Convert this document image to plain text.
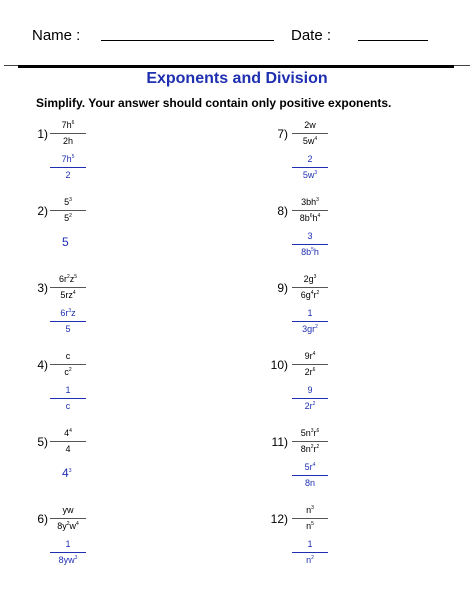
Name :	Date :
Exponents and Division
Simplify. Your answer should contain only positive exponents.
1)
$7h^6$
2h
$7h^5$
2
2)
$5^3$
$5^2$
5
3)
$6r^2z^5$
$5rz^4$
$6r^3z$
5
4)
c
$c^2$
1
c
5)
$4^4$
4
$4^3$
6)
yw
$8y^2w^4$
1
$8yw^3$
7)
2w
$5w^4$
2
$5w^3$
8)
$3bh^3$
$8b^6h^4$
3
$8b^5h$
9)
$2g^3$
$6g^4r^2$
1
$3gr^2$
10)
$9r^4$
$2r^6$
9
$2r^2$
11)
$5n^3r^6$
$8n^2r^2$
$5r^4$
8n
12)
$n^3$
$n^5$
1
$n^2$
